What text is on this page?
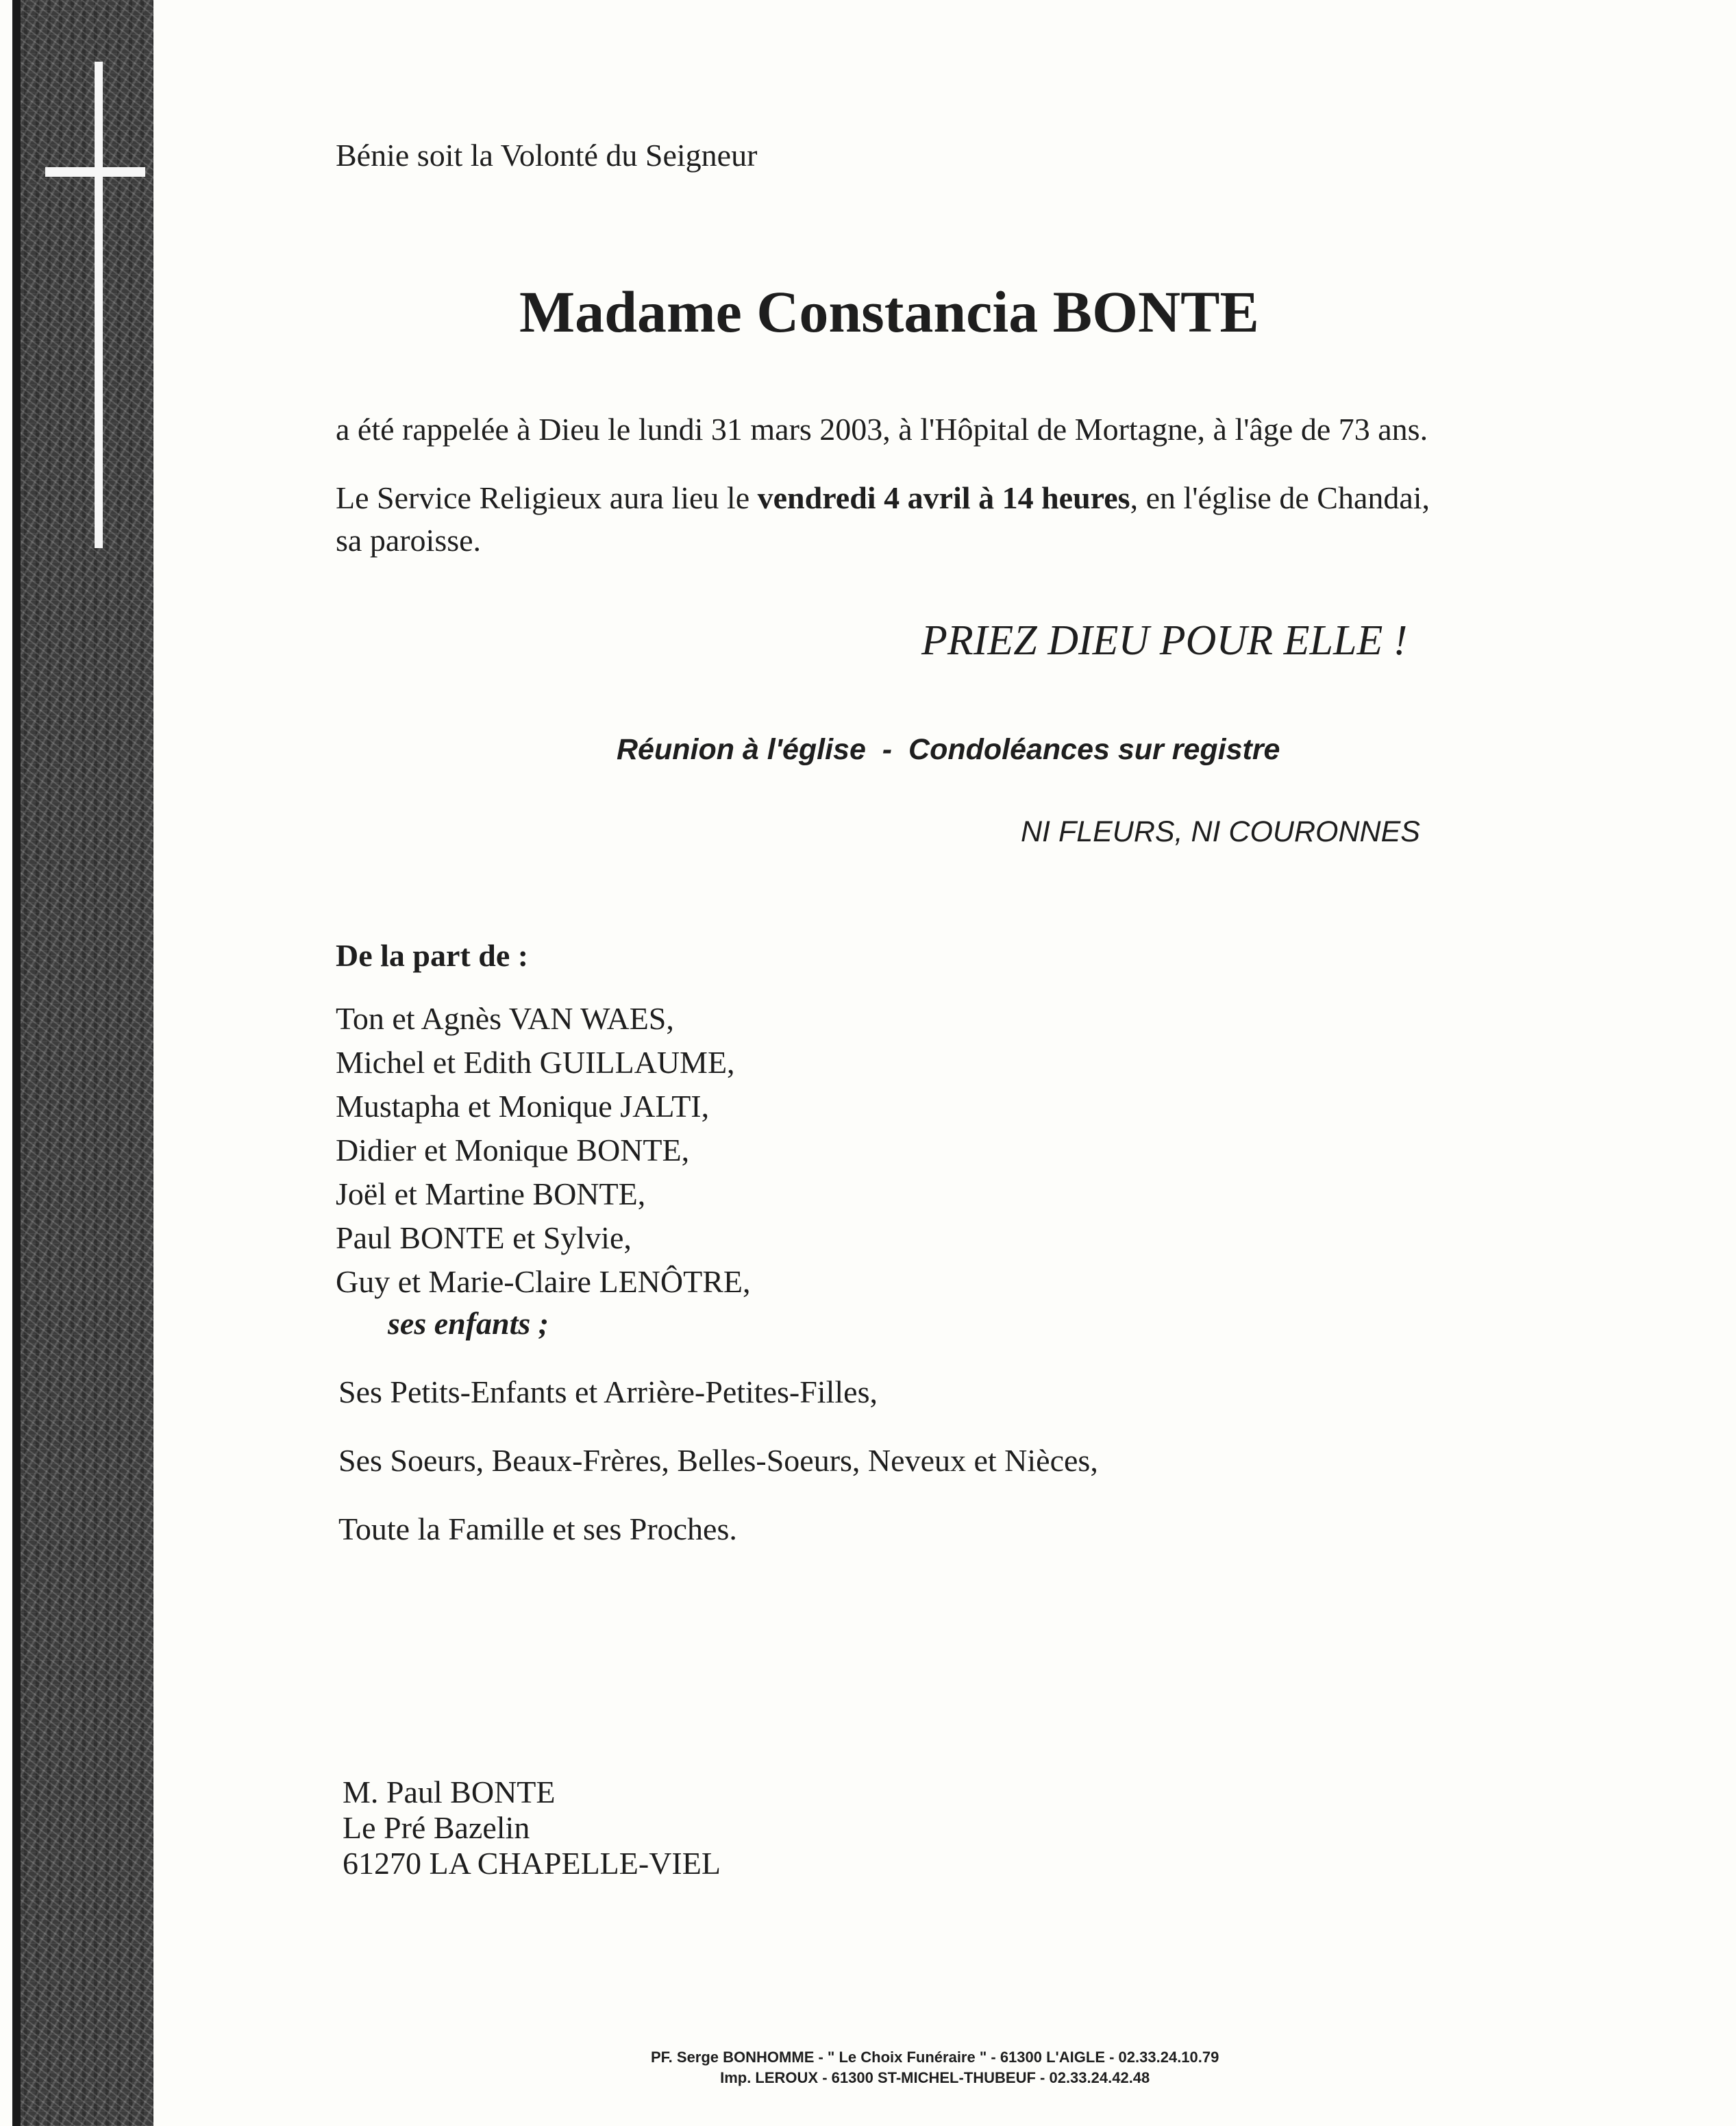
Bénie soit la Volonté du Seigneur

Madame Constancia BONTE

a été rappelée à Dieu le lundi 31 mars 2003, à l'Hôpital de Mortagne, à l'âge de 73 ans.

Le Service Religieux aura lieu le vendredi 4 avril à 14 heures, en l'église de Chandai,

sa paroisse.

PRIEZ DIEU POUR ELLE !

Réunion à l'église - Condoléances sur registre

NI FLEURS, NI COURONNES

De la part de :

Ton et Agnès VAN WAES,
Michel et Edith GUILLAUME,
Mustapha et Monique JALTI,
Didier et Monique BONTE,
Joël et Martine BONTE,
Paul BONTE et Sylvie,
Guy et Marie-Claire LENÔTRE,

ses enfants ;

Ses Petits-Enfants et Arrière-Petites-Filles,

Ses Soeurs, Beaux-Frères, Belles-Soeurs, Neveux et Nièces,

Toute la Famille et ses Proches.

M. Paul BONTE
Le Pré Bazelin
61270 LA CHAPELLE-VIEL
PF. Serge BONHOMME - " Le Choix Funéraire " - 61300 L'AIGLE - 02.33.24.10.79
Imp. LEROUX - 61300 ST-MICHEL-THUBEUF - 02.33.24.42.48
